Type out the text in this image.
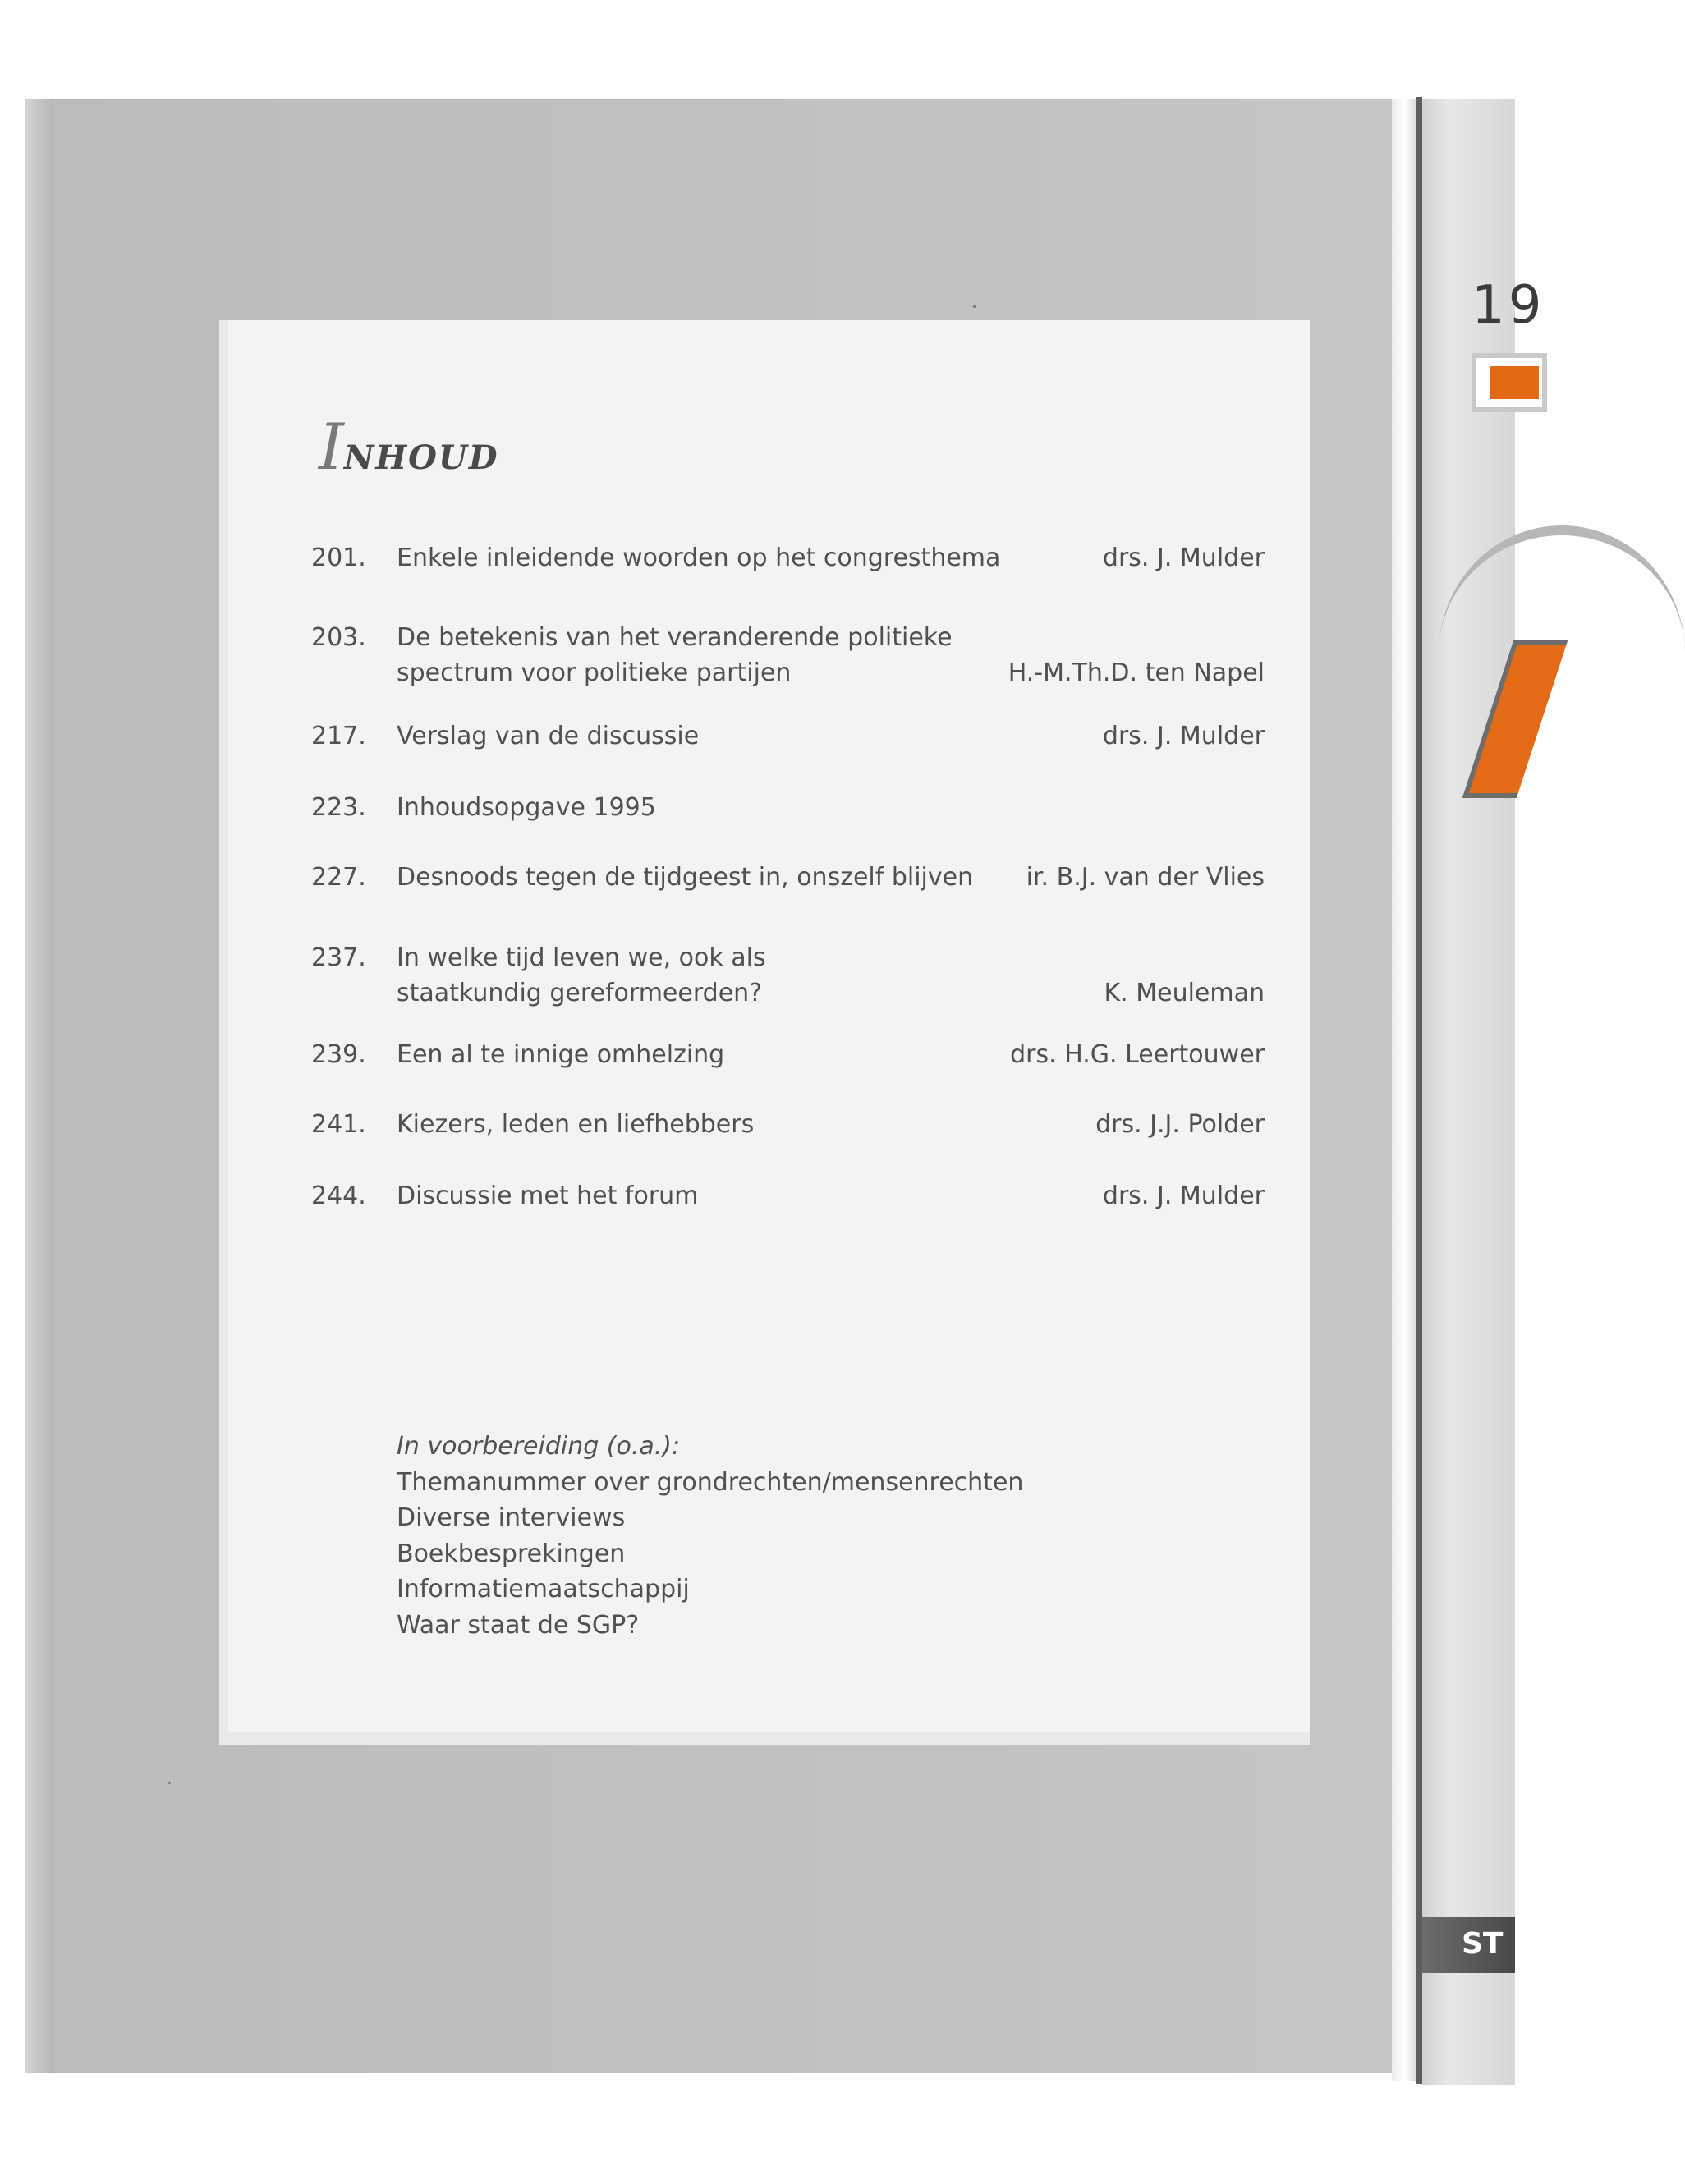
19
ST
INHOUD
201. Enkele inleidende woorden op het congresthema	drs. J. Mulder
203. De betekenis van het veranderende politieke
spectrum voor politieke partijen	H.-M.Th.D. ten Napel
217. Verslag van de discussie	drs. J. Mulder
223. Inhoudsopgave 1995
227. Desnoods tegen de tijdgeest in, onszelf blijven	ir. B.J. van der Vlies
237. In welke tijd leven we, ook als
staatkundig gereformeerden?	K. Meuleman
239. Een al te innige omhelzing	drs. H.G. Leertouwer
241. Kiezers, leden en liefhebbers	drs. J.J. Polder
244. Discussie met het forum	drs. J. Mulder
In voorbereiding (o.a.):
Themanummer over grondrechten/mensenrechten
Diverse interviews
Boekbesprekingen
Informatiemaatschappij
Waar staat de SGP?
